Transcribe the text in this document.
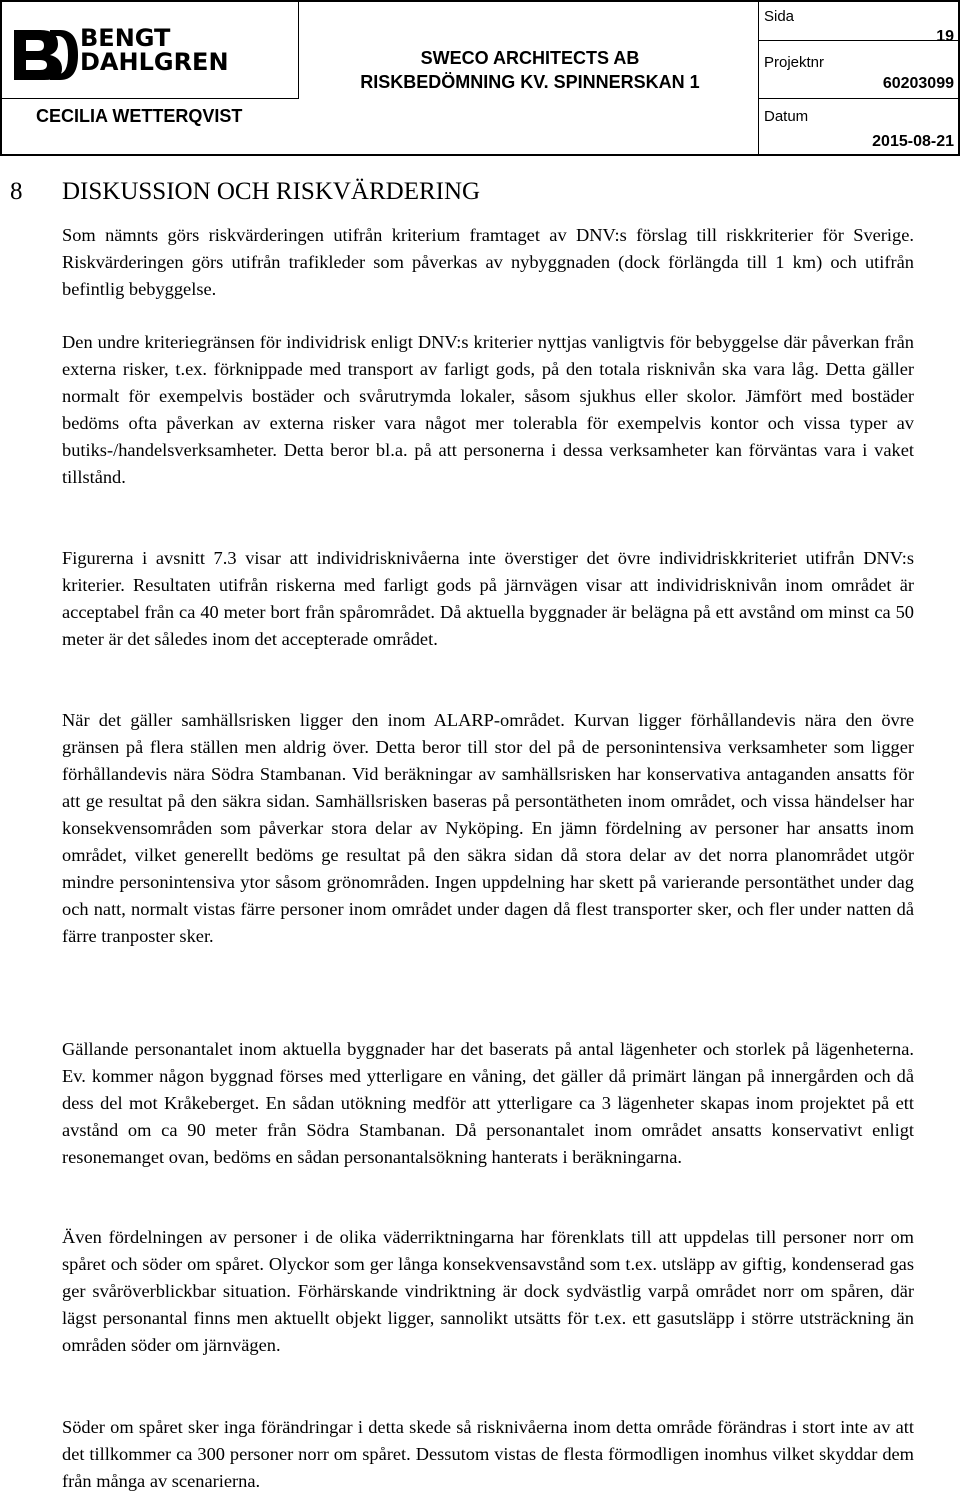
BENGT
DAHLGREN
CECILIA WETTERQVIST
SWECO ARCHITECTS AB
RISKBEDÖMNING KV. SPINNERSKAN 1
Sida
19
Projektnr
60203099
Datum
2015-08-21
8 DISKUSSION OCH RISKVÄRDERING

Som nämnts görs riskvärderingen utifrån kriterium framtaget av DNV:s förslag till riskkriterier för Sverige. Riskvärderingen görs utifrån trafikleder som påverkas av nybyggnaden (dock förlängda till 1 km) och utifrån befintlig bebyggelse.

Den undre kriteriegränsen för individrisk enligt DNV:s kriterier nyttjas vanligtvis för bebyggelse där påverkan från externa risker, t.ex. förknippade med transport av farligt gods, på den totala risknivån ska vara låg. Detta gäller normalt för exempelvis bostäder och svårutrymda lokaler, såsom sjukhus eller skolor. Jämfört med bostäder bedöms ofta påverkan av externa risker vara något mer tolerabla för exempelvis kontor och vissa typer av butiks-/handelsverksamheter. Detta beror bl.a. på att personerna i dessa verksamheter kan förväntas vara i vaket tillstånd.

Figurerna i avsnitt 7.3 visar att individrisknivåerna inte överstiger det övre individriskkriteriet utifrån DNV:s kriterier. Resultaten utifrån riskerna med farligt gods på järnvägen visar att individrisknivån inom området är acceptabel från ca 40 meter bort från spårområdet. Då aktuella byggnader är belägna på ett avstånd om minst ca 50 meter är det således inom det accepterade området.

När det gäller samhällsrisken ligger den inom ALARP-området. Kurvan ligger förhållandevis nära den övre gränsen på flera ställen men aldrig över. Detta beror till stor del på de personintensiva verksamheter som ligger förhållandevis nära Södra Stambanan. Vid beräkningar av samhällsrisken har konservativa antaganden ansatts för att ge resultat på den säkra sidan. Samhällsrisken baseras på persontätheten inom området, och vissa händelser har konsekvensområden som påverkar stora delar av Nyköping. En jämn fördelning av personer har ansatts inom området, vilket generellt bedöms ge resultat på den säkra sidan då stora delar av det norra planområdet utgör mindre personintensiva ytor såsom grönområden. Ingen uppdelning har skett på varierande persontäthet under dag och natt, normalt vistas färre personer inom området under dagen då flest transporter sker, och fler under natten då färre tranposter sker.

Gällande personantalet inom aktuella byggnader har det baserats på antal lägenheter och storlek på lägenheterna. Ev. kommer någon byggnad förses med ytterligare en våning, det gäller då primärt längan på innergården och då dess del mot Kråkeberget. En sådan utökning medför att ytterligare ca 3 lägenheter skapas inom projektet på ett avstånd om ca 90 meter från Södra Stambanan. Då personantalet inom området ansatts konservativt enligt resonemanget ovan, bedöms en sådan personantalsökning hanterats i beräkningarna.

Även fördelningen av personer i de olika väderriktningarna har förenklats till att uppdelas till personer norr om spåret och söder om spåret. Olyckor som ger långa konsekvensavstånd som t.ex. utsläpp av giftig, kondenserad gas ger svåröverblickbar situation. Förhärskande vindriktning är dock sydvästlig varpå området norr om spåren, där lägst personantal finns men aktuellt objekt ligger, sannolikt utsätts för t.ex. ett gasutsläpp i större utsträckning än områden söder om järnvägen.

Söder om spåret sker inga förändringar i detta skede så risknivåerna inom detta område förändras i stort inte av att det tillkommer ca 300 personer norr om spåret. Dessutom vistas de flesta förmodligen inomhus vilket skyddar dem från många av scenarierna.
